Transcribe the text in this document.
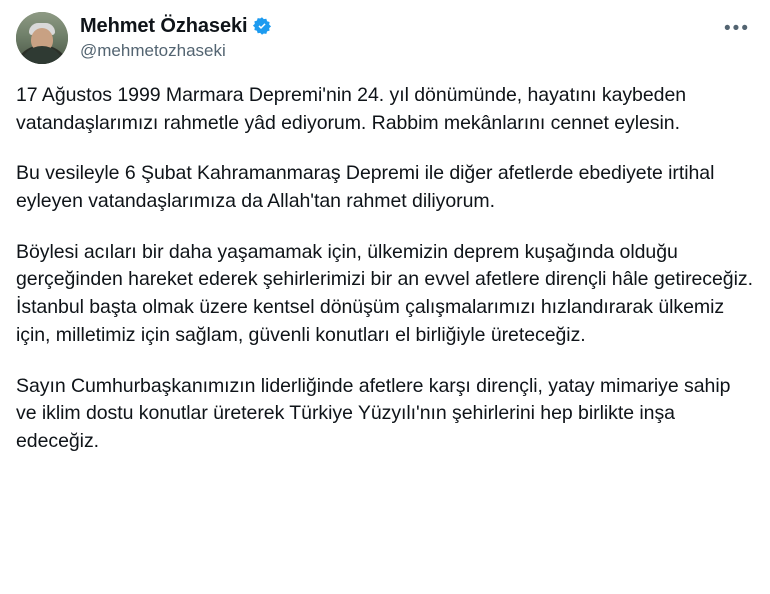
Mehmet Özhaseki
@mehmetozhaseki
•••

17 Ağustos 1999 Marmara Depremi'nin 24. yıl dönümünde, hayatını kaybeden vatandaşlarımızı rahmetle yâd ediyorum. Rabbim mekânlarını cennet eylesin.

Bu vesileyle 6 Şubat Kahramanmaraş Depremi ile diğer afetlerde ebediyete irtihal eyleyen vatandaşlarımıza da Allah'tan rahmet diliyorum.

Böylesi acıları bir daha yaşamamak için, ülkemizin deprem kuşağında olduğu gerçeğinden hareket ederek şehirlerimizi bir an evvel afetlere dirençli hâle getireceğiz. İstanbul başta olmak üzere kentsel dönüşüm çalışmalarımızı hızlandırarak ülkemiz için, milletimiz için sağlam, güvenli konutları el birliğiyle üreteceğiz.

Sayın Cumhurbaşkanımızın liderliğinde afetlere karşı dirençli, yatay mimariye sahip ve iklim dostu konutlar üreterek Türkiye Yüzyılı'nın şehirlerini hep birlikte inşa edeceğiz.
